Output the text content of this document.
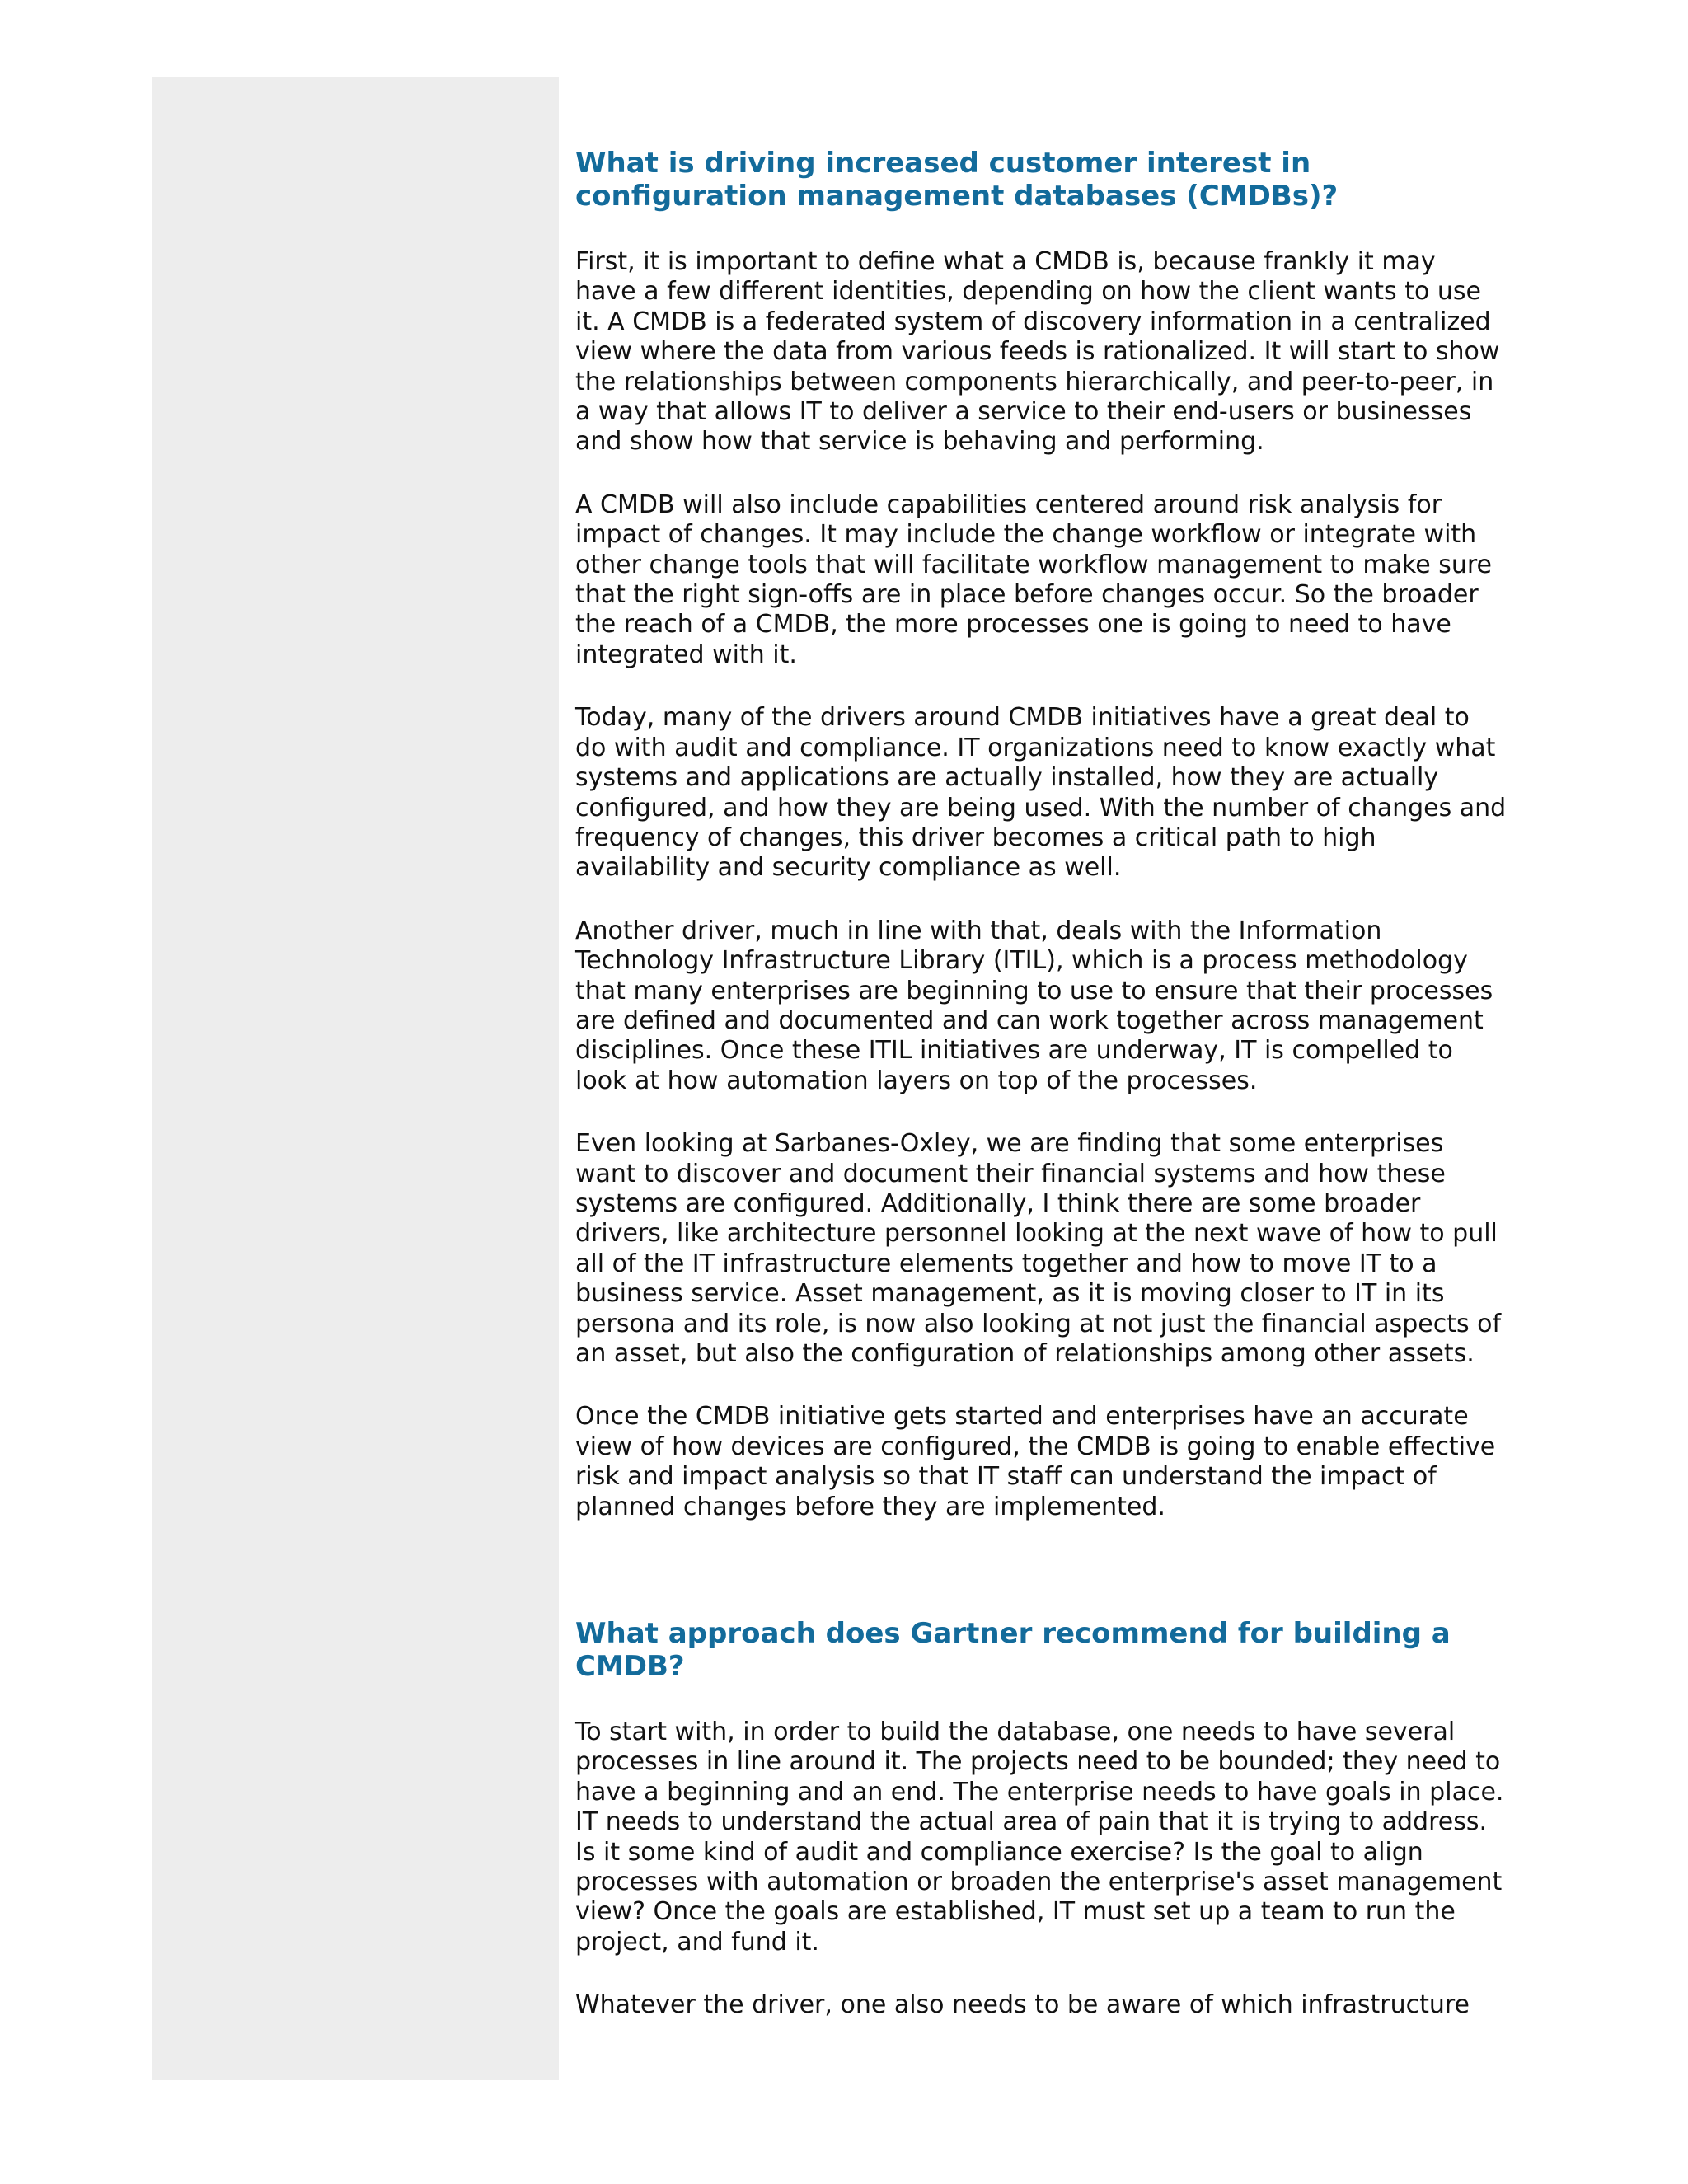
What is driving increased customer interest in configuration management databases (CMDBs)?

First, it is important to define what a CMDB is, because frankly it may
have a few different identities, depending on how the client wants to use
it. A CMDB is a federated system of discovery information in a centralized
view where the data from various feeds is rationalized. It will start to show
the relationships between components hierarchically, and peer-to-peer, in
a way that allows IT to deliver a service to their end-users or businesses
and show how that service is behaving and performing.

A CMDB will also include capabilities centered around risk analysis for
impact of changes. It may include the change workflow or integrate with
other change tools that will facilitate workflow management to make sure
that the right sign-offs are in place before changes occur. So the broader
the reach of a CMDB, the more processes one is going to need to have
integrated with it.

Today, many of the drivers around CMDB initiatives have a great deal to
do with audit and compliance. IT organizations need to know exactly what
systems and applications are actually installed, how they are actually
configured, and how they are being used. With the number of changes and
frequency of changes, this driver becomes a critical path to high
availability and security compliance as well.

Another driver, much in line with that, deals with the Information
Technology Infrastructure Library (ITIL), which is a process methodology
that many enterprises are beginning to use to ensure that their processes
are defined and documented and can work together across management
disciplines. Once these ITIL initiatives are underway, IT is compelled to
look at how automation layers on top of the processes.

Even looking at Sarbanes-Oxley, we are finding that some enterprises
want to discover and document their financial systems and how these
systems are configured. Additionally, I think there are some broader
drivers, like architecture personnel looking at the next wave of how to pull
all of the IT infrastructure elements together and how to move IT to a
business service. Asset management, as it is moving closer to IT in its
persona and its role, is now also looking at not just the financial aspects of
an asset, but also the configuration of relationships among other assets.

Once the CMDB initiative gets started and enterprises have an accurate
view of how devices are configured, the CMDB is going to enable effective
risk and impact analysis so that IT staff can understand the impact of
planned changes before they are implemented.

What approach does Gartner recommend for building a CMDB?

To start with, in order to build the database, one needs to have several
processes in line around it. The projects need to be bounded; they need to
have a beginning and an end. The enterprise needs to have goals in place.
IT needs to understand the actual area of pain that it is trying to address.
Is it some kind of audit and compliance exercise? Is the goal to align
processes with automation or broaden the enterprise's asset management
view? Once the goals are established, IT must set up a team to run the
project, and fund it.

Whatever the driver, one also needs to be aware of which infrastructure
